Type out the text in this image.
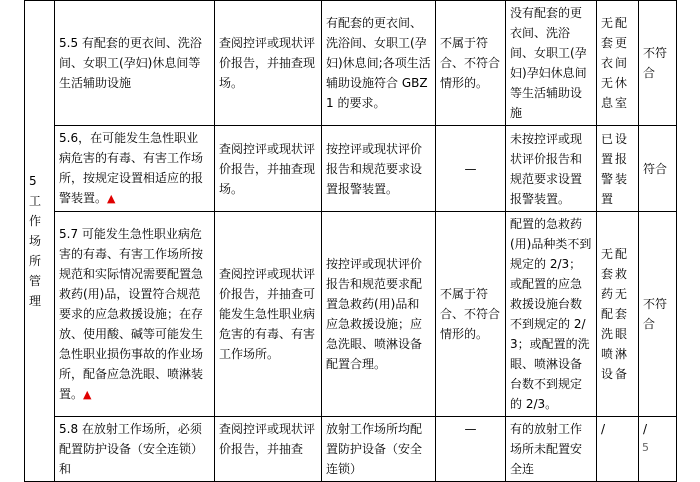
5 工作场所管理	5.5 有配套的更衣间、洗浴间、女职工(孕妇)休息间等生活辅助设施	查阅控评或现状评价报告，并抽查现场。	有配套的更衣间、洗浴间、女职工(孕妇)休息间;各项生活辅助设施符合 GBZ 1 的要求。	不属于符合、不符合情形的。	没有配套的更衣间、洗浴间、女职工(孕妇)孕妇休息间等生活辅助设施	无配套更衣间无休息室	不符合
	5.6，在可能发生急性职业病危害的有毒、有害工作场所，按规定设置相适应的报警装置。▲	查阅控评或现状评价报告，并抽查现场。	按控评或现状评价报告和规范要求设置报警装置。	—	未按控评或现状评价报告和规范要求设置报警装置。	已设置报警装置	符合
	5.7 可能发生急性职业病危害的有毒、有害工作场所按规范和实际情况需要配置急救药(用)品，设置符合规范要求的应急救援设施；在存放、使用酸、碱等可能发生急性职业损伤事故的作业场所，配备应急洗眼、喷淋装置。▲	查阅控评或现状评价报告，并抽查可能发生急性职业病危害的有毒、有害工作场所。	按控评或现状评价报告和规范要求配置急救药(用)品和应急救援设施；应急洗眼、喷淋设备配置合理。	不属于符合、不符合情形的。	配置的急救药(用)品种类不到规定的 2/3；或配置的应急救援设施台数不到规定的 2/3；或配置的洗眼、喷淋设备台数不到规定的 2/3。	无配套救药无配套洗眼喷淋设备	不符合
	5.8 在放射工作场所，必须配置防护设备（安全连锁）和	查阅控评或现状评价报告，并抽查	放射工作场所均配置防护设备（安全连锁）	—	有的放射工作场所未配置安全连	/	/
5
